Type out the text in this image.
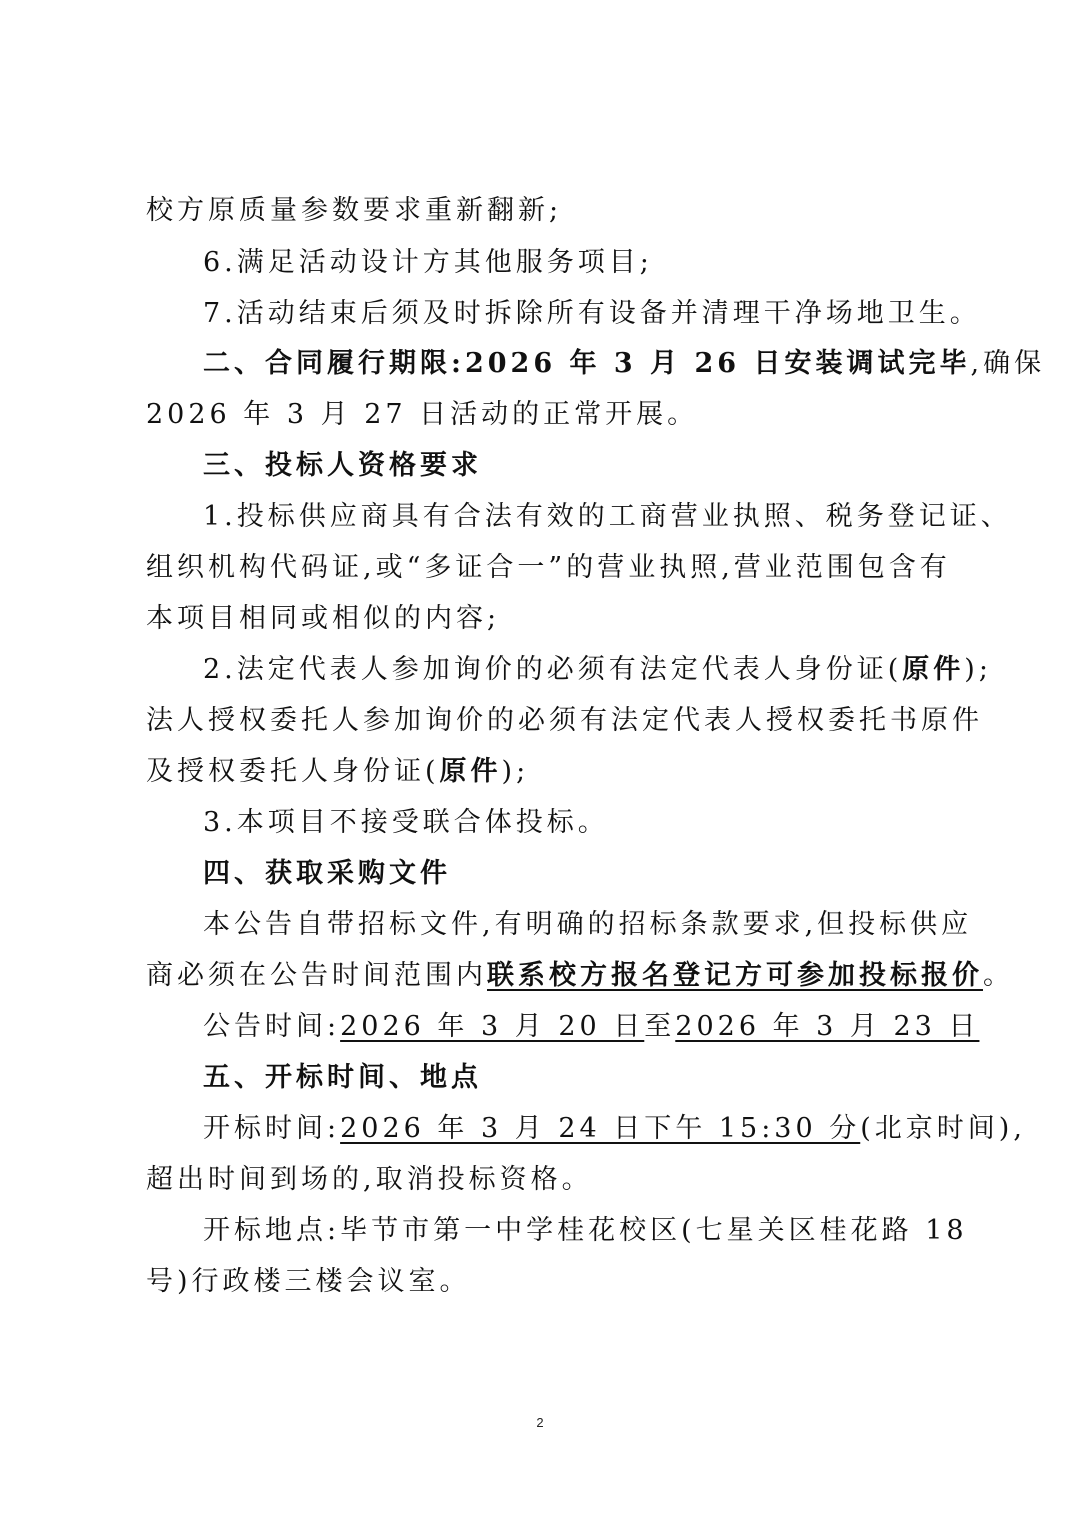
校方原质量参数要求重新翻新;
6.满足活动设计方其他服务项目;
7.活动结束后须及时拆除所有设备并清理干净场地卫生。
二、合同履行期限:2026 年 3 月 26 日安装调试完毕,确保
2026 年 3 月 27 日活动的正常开展。
三、投标人资格要求
1.投标供应商具有合法有效的工商营业执照、税务登记证、
组织机构代码证,或“多证合一”的营业执照,营业范围包含有
本项目相同或相似的内容;
2.法定代表人参加询价的必须有法定代表人身份证(原件);
法人授权委托人参加询价的必须有法定代表人授权委托书原件
及授权委托人身份证(原件);
3.本项目不接受联合体投标。
四、获取采购文件
本公告自带招标文件,有明确的招标条款要求,但投标供应
商必须在公告时间范围内联系校方报名登记方可参加投标报价。
公告时间:2026 年 3 月 20 日至2026 年 3 月 23 日
五、开标时间、地点
开标时间:2026 年 3 月 24 日下午 15:30 分(北京时间),
超出时间到场的,取消投标资格。
开标地点:毕节市第一中学桂花校区(七星关区桂花路 18
号)行政楼三楼会议室。
2
